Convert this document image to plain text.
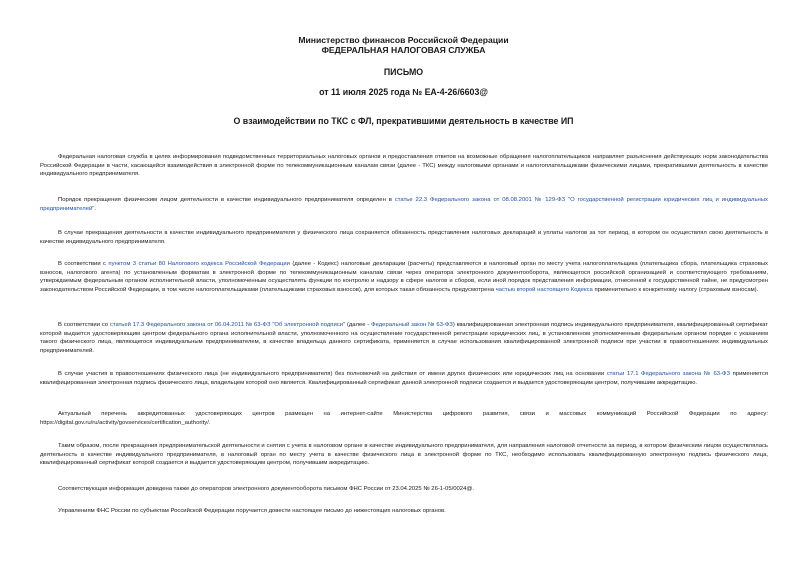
Министерство финансов Российской Федерации
ФЕДЕРАЛЬНАЯ НАЛОГОВАЯ СЛУЖБА
ПИСЬМО
от 11 июля 2025 года № ЕА-4-26/6603@
О взаимодействии по ТКС с ФЛ, прекратившими деятельность в качестве ИП
Федеральная налоговая служба в целях информирования подведомственных территориальных налоговых органов и предоставления ответов на возможные обращения налогоплательщиков направляет разъяснения действующих норм законодательства Российской Федерации в части, касающейся взаимодействия в электронной форме по телекоммуникационным каналам связи (далее - ТКС) между налоговыми органами и налогоплательщиками физическими лицами, прекратившими деятельность в качестве индивидуального предпринимателя.
Порядок прекращения физическим лицом деятельности в качестве индивидуального предпринимателя определен в статье 22.3 Федерального закона от 08.08.2001 № 129-ФЗ "О государственной регистрации юридических лиц и индивидуальных предпринимателей".
В случае прекращения деятельности в качестве индивидуального предпринимателя у физического лица сохраняется обязанность представления налоговых деклараций и уплаты налогов за тот период, в котором он осуществлял свою деятельность в качестве индивидуального предпринимателя.
В соответствии с пунктом 3 статьи 80 Налогового кодекса Российской Федерации (далее - Кодекс) налоговые декларации (расчеты) представляются в налоговый орган по месту учета налогоплательщика (плательщика сбора, плательщика страховых взносов, налогового агента) по установленным форматам в электронной форме по телекоммуникационным каналам связи через оператора электронного документооборота, являющегося российской организацией и соответствующего требованиям, утверждаемым федеральным органом исполнительной власти, уполномоченным осуществлять функции по контролю и надзору в сфере налогов и сборов, если иной порядок представления информации, отнесенной к государственной тайне, не предусмотрен законодательством Российской Федерации, в том числе налогоплательщиками (плательщиками страховых взносов), для которых такая обязанность предусмотрена частью второй настоящего Кодекса применительно к конкретному налогу (страховым взносам).
В соответствии со статьей 17.3 Федерального закона от 06.04.2011 № 63-ФЗ "Об электронной подписи" (далее - Федеральный закон № 63-ФЗ) квалифицированная электронная подпись индивидуального предпринимателя, квалифицированный сертификат которой выдается удостоверяющим центром федерального органа исполнительной власти, уполномоченного на осуществление государственной регистрации юридических лиц, в установленном уполномоченным федеральным органом порядке с указанием такого физического лица, являющегося индивидуальным предпринимателем, в качестве владельца данного сертификата, применяется в случае использования квалифицированной электронной подписи при участии в правоотношениях индивидуальных предпринимателей.
В случае участия в правоотношениях физического лица (не индивидуального предпринимателя) без полномочий на действия от имени других физических или юридических лиц на основании статьи 17.1 Федерального закона № 63-ФЗ применяется квалифицированная электронная подпись физического лица, владельцем которой оно является. Квалифицированный сертификат данной электронной подписи создается и выдается удостоверяющим центром, получившим аккредитацию.
Актуальный перечень аккредитованных удостоверяющих центров размещен на интернет-сайте Министерства цифрового развития, связи и массовых коммуникаций Российской Федерации по адресу: https://digital.gov.ru/ru/activity/govservices/certification_authority/.
Таким образом, после прекращения предпринимательской деятельности и снятия с учета в налоговом органе в качестве индивидуального предпринимателя, для направления налоговой отчетности за период, в котором физическим лицом осуществлялась деятельность в качестве индивидуального предпринимателя, в налоговый орган по месту учета в качестве физического лица в электронной форме по ТКС, необходимо использовать квалифицированную электронную подпись физического лица, квалифицированный сертификат которой создается и выдается удостоверяющим центром, получившим аккредитацию.
Соответствующая информация доведена также до операторов электронного документооборота письмом ФНС России от 23.04.2025 № 26-1-05/0024@.
Управлениям ФНС России по субъектам Российской Федерации поручается довести настоящее письмо до нижестоящих налоговых органов.
